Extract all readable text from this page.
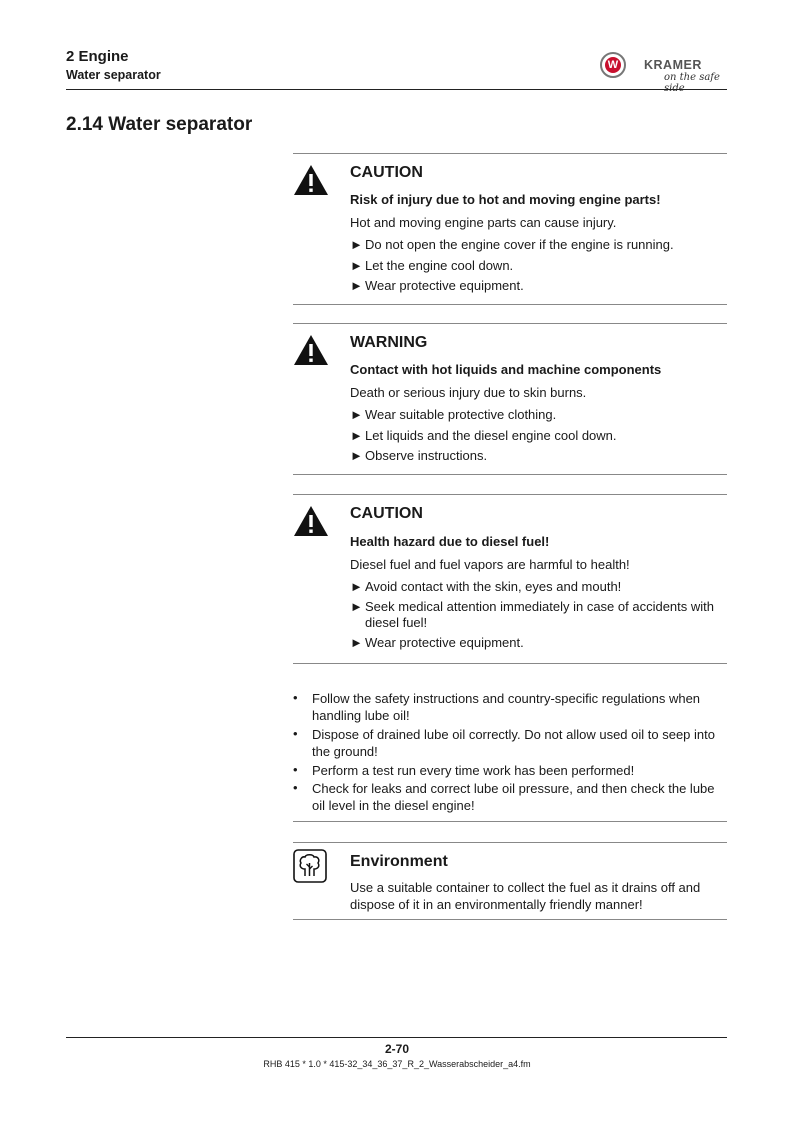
2 Engine
Water separator
W KRAMER
on the safe side
2.14 Water separator
CAUTION
Risk of injury due to hot and moving engine parts!
Hot and moving engine parts can cause injury.
► Do not open the engine cover if the engine is running.
► Let the engine cool down.
► Wear protective equipment.
WARNING
Contact with hot liquids and machine components
Death or serious injury due to skin burns.
► Wear suitable protective clothing.
► Let liquids and the diesel engine cool down.
► Observe instructions.
CAUTION
Health hazard due to diesel fuel!
Diesel fuel and fuel vapors are harmful to health!
► Avoid contact with the skin, eyes and mouth!
► Seek medical attention immediately in case of accidents with diesel fuel!
► Wear protective equipment.
• Follow the safety instructions and country-specific regulations when handling lube oil!
• Dispose of drained lube oil correctly. Do not allow used oil to seep into the ground!
• Perform a test run every time work has been performed!
• Check for leaks and correct lube oil pressure, and then check the lube oil level in the diesel engine!
Environment
Use a suitable container to collect the fuel as it drains off and dispose of it in an environmentally friendly manner!
2-70
RHB 415 * 1.0 * 415-32_34_36_37_R_2_Wasserabscheider_a4.fm
